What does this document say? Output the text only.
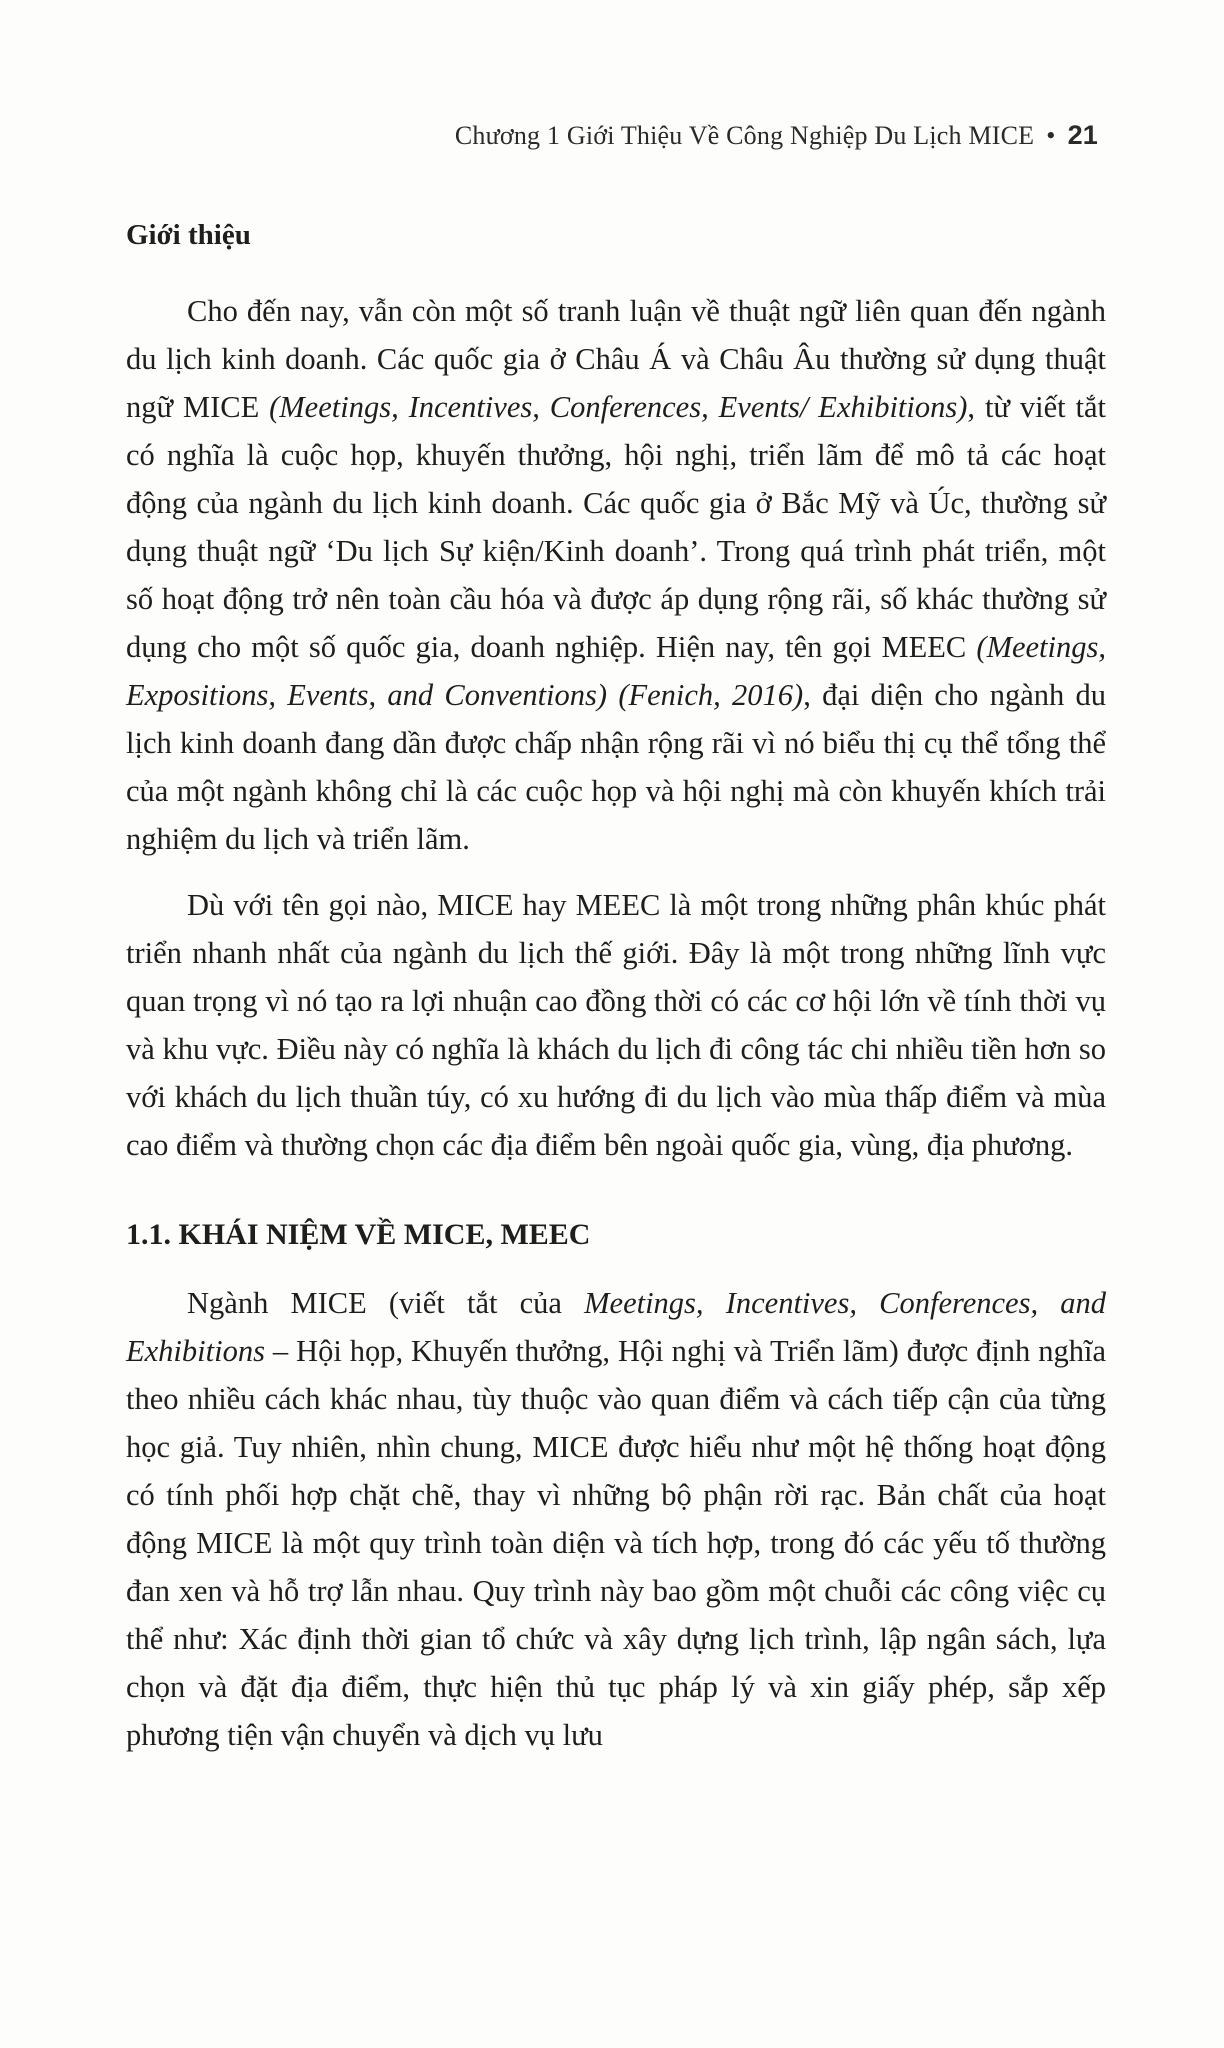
Chương 1 Giới Thiệu Về Công Nghiệp Du Lịch MICE • 21
Giới thiệu

Cho đến nay, vẫn còn một số tranh luận về thuật ngữ liên quan đến ngành du lịch kinh doanh. Các quốc gia ở Châu Á và Châu Âu thường sử dụng thuật ngữ MICE (Meetings, Incentives, Conferences, Events/ Exhibitions), từ viết tắt có nghĩa là cuộc họp, khuyến thưởng, hội nghị, triển lãm để mô tả các hoạt động của ngành du lịch kinh doanh. Các quốc gia ở Bắc Mỹ và Úc, thường sử dụng thuật ngữ ‘Du lịch Sự kiện/Kinh doanh’. Trong quá trình phát triển, một số hoạt động trở nên toàn cầu hóa và được áp dụng rộng rãi, số khác thường sử dụng cho một số quốc gia, doanh nghiệp. Hiện nay, tên gọi MEEC (Meetings, Expositions, Events, and Conventions) (Fenich, 2016), đại diện cho ngành du lịch kinh doanh đang dần được chấp nhận rộng rãi vì nó biểu thị cụ thể tổng thể của một ngành không chỉ là các cuộc họp và hội nghị mà còn khuyến khích trải nghiệm du lịch và triển lãm.

Dù với tên gọi nào, MICE hay MEEC là một trong những phân khúc phát triển nhanh nhất của ngành du lịch thế giới. Đây là một trong những lĩnh vực quan trọng vì nó tạo ra lợi nhuận cao đồng thời có các cơ hội lớn về tính thời vụ và khu vực. Điều này có nghĩa là khách du lịch đi công tác chi nhiều tiền hơn so với khách du lịch thuần túy, có xu hướng đi du lịch vào mùa thấp điểm và mùa cao điểm và thường chọn các địa điểm bên ngoài quốc gia, vùng, địa phương.

1.1. KHÁI NIỆM VỀ MICE, MEEC

Ngành MICE (viết tắt của Meetings, Incentives, Conferences, and Exhibitions – Hội họp, Khuyến thưởng, Hội nghị và Triển lãm) được định nghĩa theo nhiều cách khác nhau, tùy thuộc vào quan điểm và cách tiếp cận của từng học giả. Tuy nhiên, nhìn chung, MICE được hiểu như một hệ thống hoạt động có tính phối hợp chặt chẽ, thay vì những bộ phận rời rạc. Bản chất của hoạt động MICE là một quy trình toàn diện và tích hợp, trong đó các yếu tố thường đan xen và hỗ trợ lẫn nhau. Quy trình này bao gồm một chuỗi các công việc cụ thể như: Xác định thời gian tổ chức và xây dựng lịch trình, lập ngân sách, lựa chọn và đặt địa điểm, thực hiện thủ tục pháp lý và xin giấy phép, sắp xếp phương tiện vận chuyển và dịch vụ lưu
